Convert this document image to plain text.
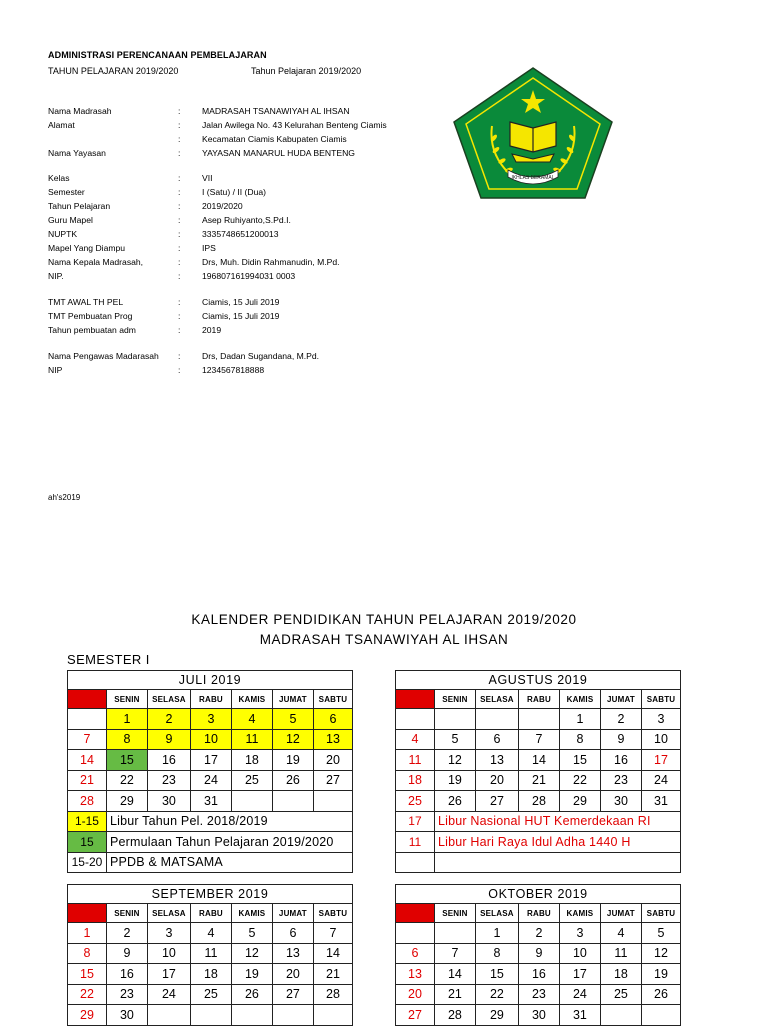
ADMINISTRASI PERENCANAAN PEMBELAJARAN
TAHUN PELAJARAN 2019/2020	Tahun Pelajaran 2019/2020
Nama Madrasah	:	MADRASAH TSANAWIYAH AL IHSAN
Alamat	:	Jalan Awilega No. 43 Kelurahan Benteng Ciamis
:	Kecamatan Ciamis Kabupaten Ciamis
Nama Yayasan	:	YAYASAN MANARUL HUDA BENTENG
Kelas	:	VII
Semester	:	I (Satu) / II (Dua)
Tahun Pelajaran	:	2019/2020
Guru Mapel	:	Asep Ruhiyanto,S.Pd.I.
NUPTK	:	3335748651200013
Mapel Yang Diampu	:	IPS
Nama Kepala Madrasah,	:	Drs, Muh. Didin Rahmanudin, M.Pd.
NIP.	:	196807161994031 0003
TMT AWAL TH PEL	:	Ciamis, 15 Juli 2019
TMT Pembuatan Prog	:	Ciamis, 15 Juli 2019
Tahun pembuatan adm	:	2019
Nama Pengawas Madarasah :	Drs, Dadan Sugandana, M.Pd.
NIP	:	1234567818888
IKHLAS BERAMAL
ah's2019
KALENDER PENDIDIKAN TAHUN PELAJARAN 2019/2020
MADRASAH TSANAWIYAH AL IHSAN
SEMESTER I
JULI 2019						
AHAD	SENIN	SELASA	RABU	KAMIS	JUMAT	SABTU
	1	2	3	4	5	6
7	8	9	10	11	12	13
14	15	16	17	18	19	20
21	22	23	24	25	26	27
28	29	30	31			
1-15	Libur Tahun Pel. 2018/2019					
15	Permulaan Tahun Pelajaran 2019/2020					
15-20	PPDB & MATSAMA					
AGUSTUS 2019						
AHAD	SENIN	SELASA	RABU	KAMIS	JUMAT	SABTU
				1	2	3
4	5	6	7	8	9	10
11	12	13	14	15	16	17
18	19	20	21	22	23	24
25	26	27	28	29	30	31
17	Libur Nasional HUT Kemerdekaan RI					
11	Libur Hari Raya Idul Adha 1440 H					

SEPTEMBER 2019						
AHAD	SENIN	SELASA	RABU	KAMIS	JUMAT	SABTU
1	2	3	4	5	6	7
8	9	10	11	12	13	14
15	16	17	18	19	20	21
22	23	24	25	26	27	28
29	30					
OKTOBER 2019						
AHAD	SENIN	SELASA	RABU	KAMIS	JUMAT	SABTU
		1	2	3	4	5
6	7	8	9	10	11	12
13	14	15	16	17	18	19
20	21	22	23	24	25	26
27	28	29	30	31		
